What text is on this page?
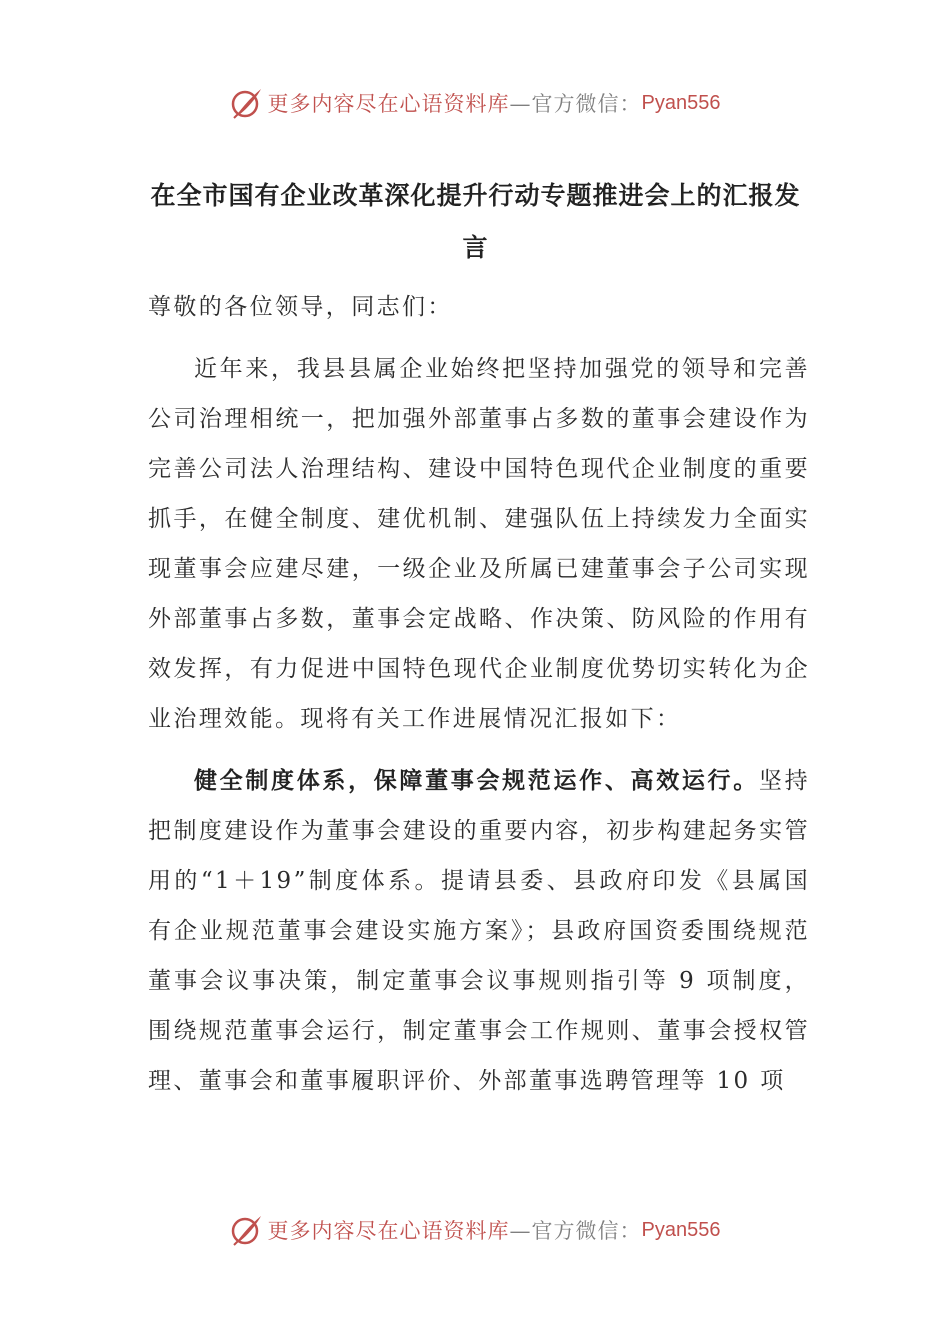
更多内容尽在心语资料库 —官方微信： Pyan556
在全市国有企业改革深化提升行动专题推进会上的汇报发言

尊敬的各位领导，同志们：

近年来，我县县属企业始终把坚持加强党的领导和完善公司治理相统一，把加强外部董事占多数的董事会建设作为完善公司法人治理结构、建设中国特色现代企业制度的重要抓手，在健全制度、建优机制、建强队伍上持续发力全面实现董事会应建尽建，一级企业及所属已建董事会子公司实现外部董事占多数，董事会定战略、作决策、防风险的作用有效发挥，有力促进中国特色现代企业制度优势切实转化为企业治理效能。现将有关工作进展情况汇报如下：

健全制度体系，保障董事会规范运作、高效运行。坚持把制度建设作为董事会建设的重要内容，初步构建起务实管用的“1＋19”制度体系。提请县委、县政府印发《县属国有企业规范董事会建设实施方案》；县政府国资委围绕规范董事会议事决策，制定董事会议事规则指引等 9 项制度，围绕规范董事会运行，制定董事会工作规则、董事会授权管理、董事会和董事履职评价、外部董事选聘管理等 10 项

更多内容尽在心语资料库 —官方微信： Pyan556
